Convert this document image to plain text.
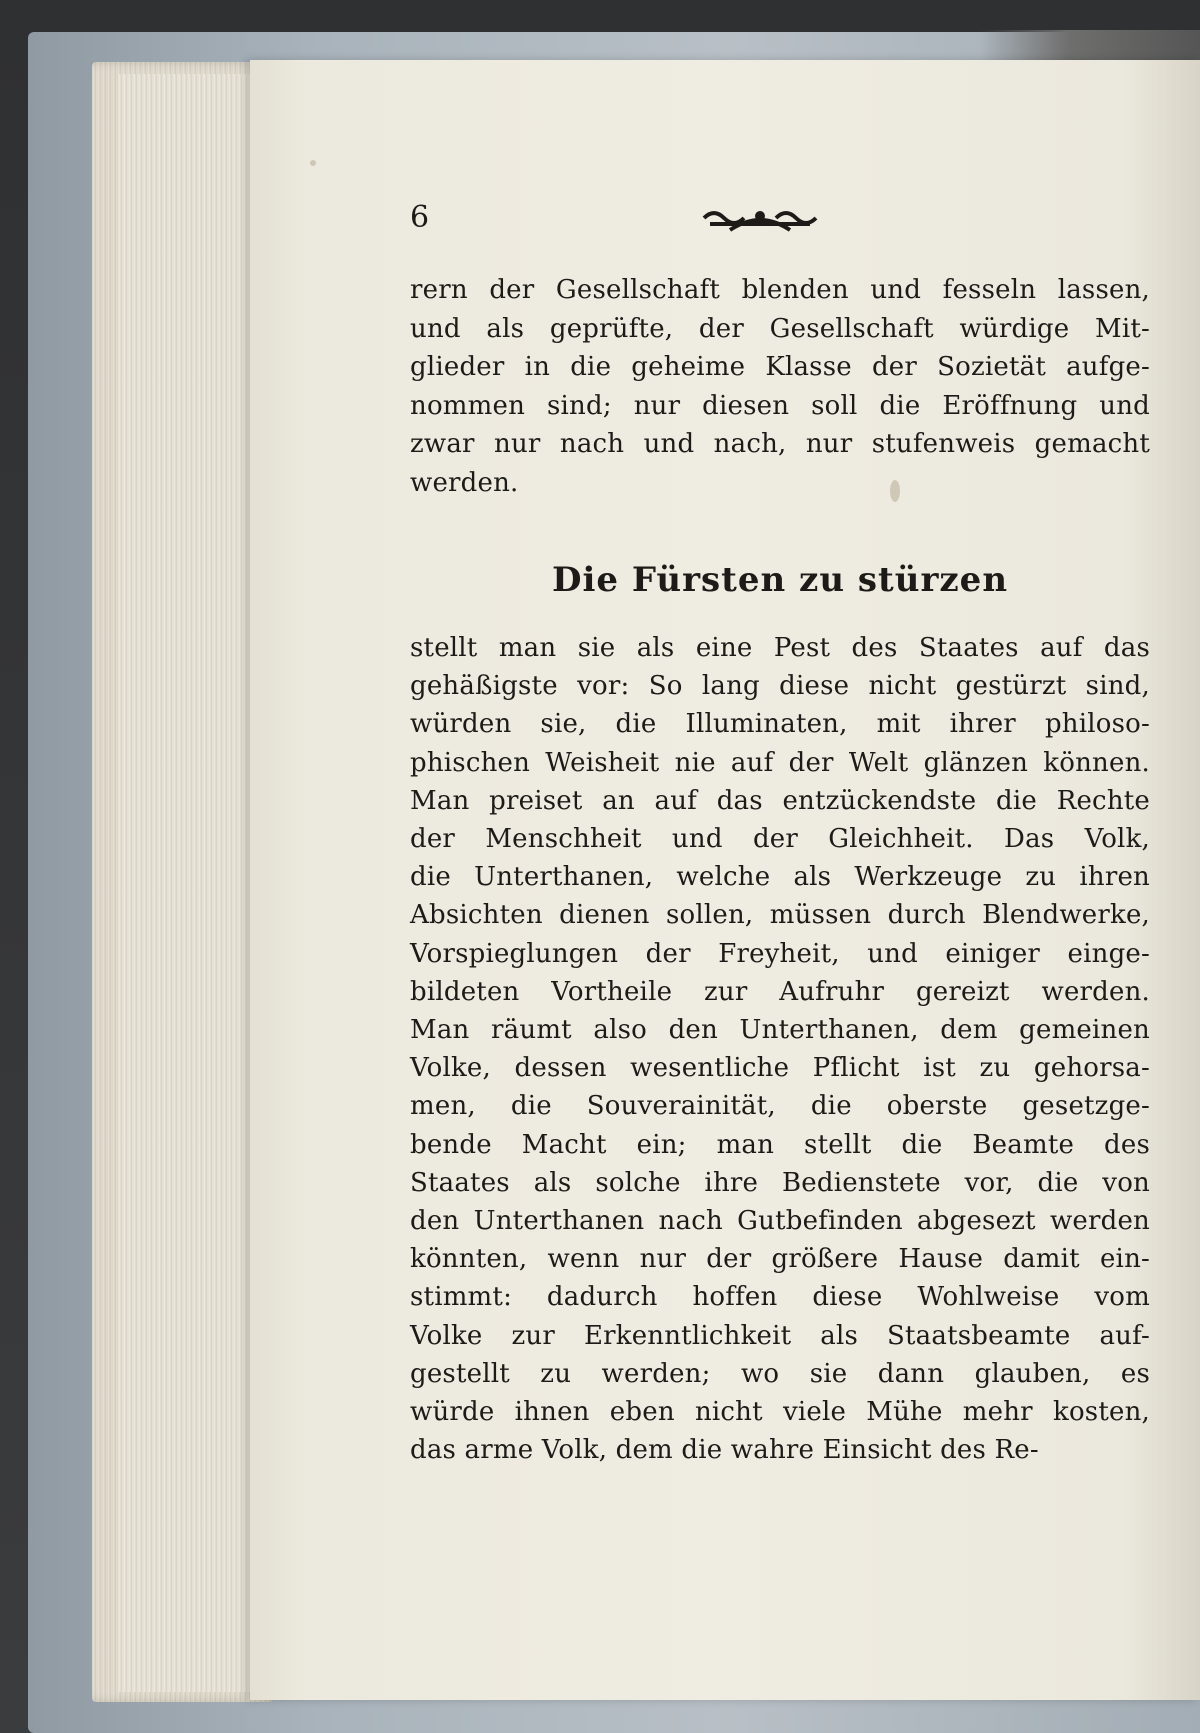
6
rern der Gesellschaft blenden und fesseln lassen,
und als geprüfte, der Gesellschaft würdige Mit-
glieder in die geheime Klasse der Sozietät aufge-
nommen sind; nur diesen soll die Eröffnung und
zwar nur nach und nach, nur stufenweis gemacht
werden.
Die Fürsten zu stürzen
stellt man sie als eine Pest des Staates auf das
gehäßigste vor: So lang diese nicht gestürzt sind,
würden sie, die Illuminaten, mit ihrer philoso-
phischen Weisheit nie auf der Welt glänzen können.
Man preiset an auf das entzückendste die Rechte
der Menschheit und der Gleichheit. Das Volk,
die Unterthanen, welche als Werkzeuge zu ihren
Absichten dienen sollen, müssen durch Blendwerke,
Vorspieglungen der Freyheit, und einiger einge-
bildeten Vortheile zur Aufruhr gereizt werden.
Man räumt also den Unterthanen, dem gemeinen
Volke, dessen wesentliche Pflicht ist zu gehorsa-
men, die Souverainität, die oberste gesetzge-
bende Macht ein; man stellt die Beamte des
Staates als solche ihre Bedienstete vor, die von
den Unterthanen nach Gutbefinden abgesezt werden
könnten, wenn nur der größere Hause damit ein-
stimmt: dadurch hoffen diese Wohlweise vom
Volke zur Erkenntlichkeit als Staatsbeamte auf-
gestellt zu werden; wo sie dann glauben, es
würde ihnen eben nicht viele Mühe mehr kosten,
das arme Volk, dem die wahre Einsicht des Re-
